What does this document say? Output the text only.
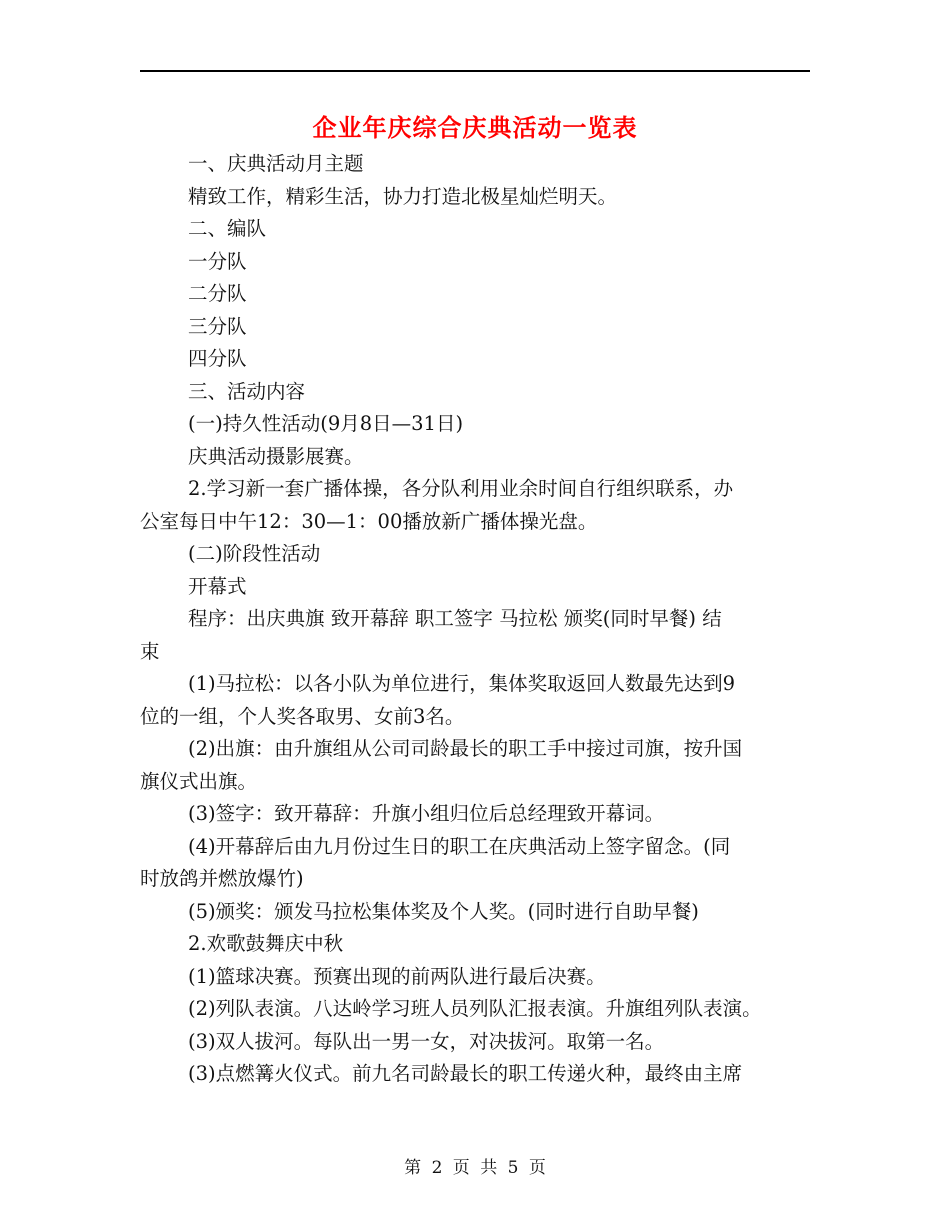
企业年庆综合庆典活动一览表

一、庆典活动月主题

精致工作，精彩生活，协力打造北极星灿烂明天。

二、编队

一分队

二分队

三分队

四分队

三、活动内容

(一)持久性活动(9月8日—31日)

庆典活动摄影展赛。

2.学习新一套广播体操，各分队利用业余时间自行组织联系，办

公室每日中午12：30—1：00播放新广播体操光盘。

(二)阶段性活动

开幕式

程序：出庆典旗 致开幕辞 职工签字 马拉松 颁奖(同时早餐) 结

束

(1)马拉松：以各小队为单位进行，集体奖取返回人数最先达到9

位的一组，个人奖各取男、女前3名。

(2)出旗：由升旗组从公司司龄最长的职工手中接过司旗，按升国

旗仪式出旗。

(3)签字：致开幕辞：升旗小组归位后总经理致开幕词。

(4)开幕辞后由九月份过生日的职工在庆典活动上签字留念。(同

时放鸽并燃放爆竹)

(5)颁奖：颁发马拉松集体奖及个人奖。(同时进行自助早餐)

2.欢歌鼓舞庆中秋

(1)篮球决赛。预赛出现的前两队进行最后决赛。

(2)列队表演。八达岭学习班人员列队汇报表演。升旗组列队表演。

(3)双人拔河。每队出一男一女，对决拔河。取第一名。

(3)点燃篝火仪式。前九名司龄最长的职工传递火种，最终由主席

第 2 页 共 5 页
